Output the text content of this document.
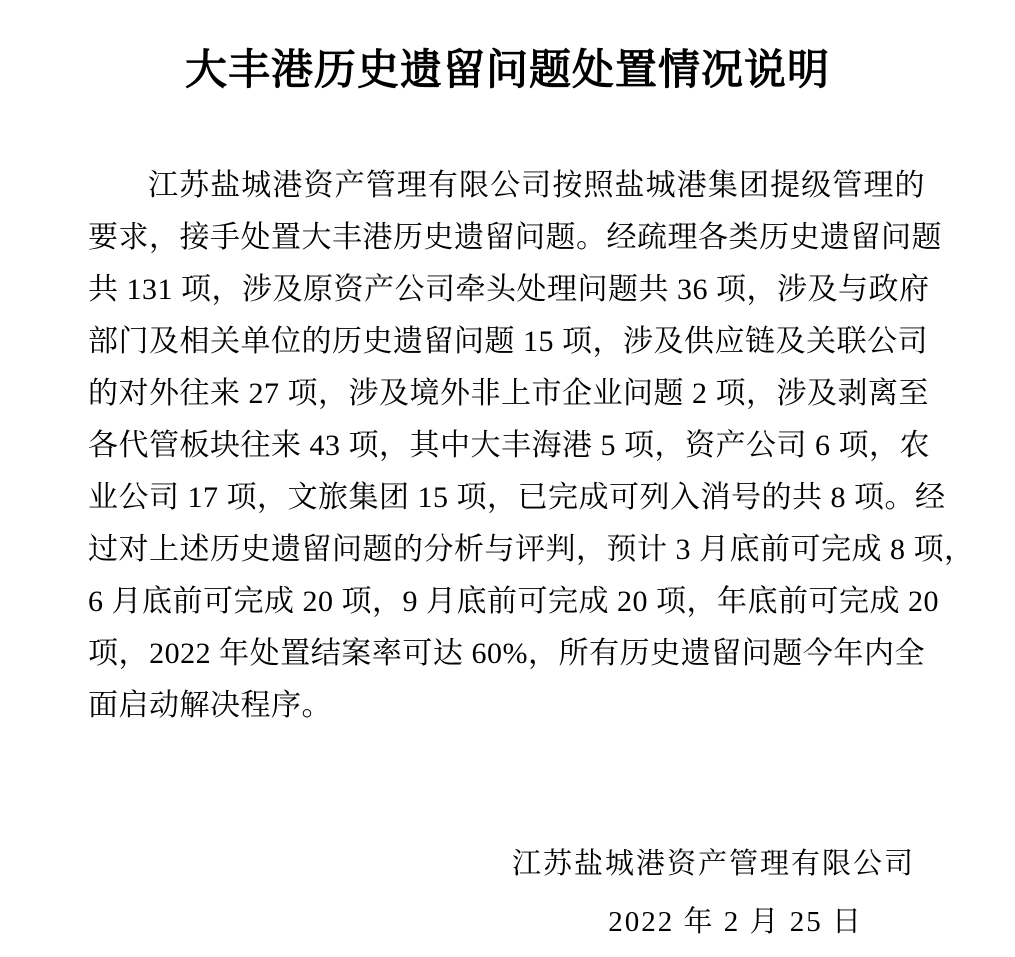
大丰港历史遗留问题处置情况说明
江苏盐城港资产管理有限公司按照盐城港集团提级管理的
要求，接手处置大丰港历史遗留问题。经疏理各类历史遗留问题
共 131 项，涉及原资产公司牵头处理问题共 36 项，涉及与政府
部门及相关单位的历史遗留问题 15 项，涉及供应链及关联公司
的对外往来 27 项，涉及境外非上市企业问题 2 项，涉及剥离至
各代管板块往来 43 项，其中大丰海港 5 项，资产公司 6 项，农
业公司 17 项，文旅集团 15 项，已完成可列入消号的共 8 项。经
过对上述历史遗留问题的分析与评判，预计 3 月底前可完成 8 项，
6 月底前可完成 20 项，9 月底前可完成 20 项，年底前可完成 20
项，2022 年处置结案率可达 60%，所有历史遗留问题今年内全
面启动解决程序。
江苏盐城港资产管理有限公司
2022 年 2 月 25 日
